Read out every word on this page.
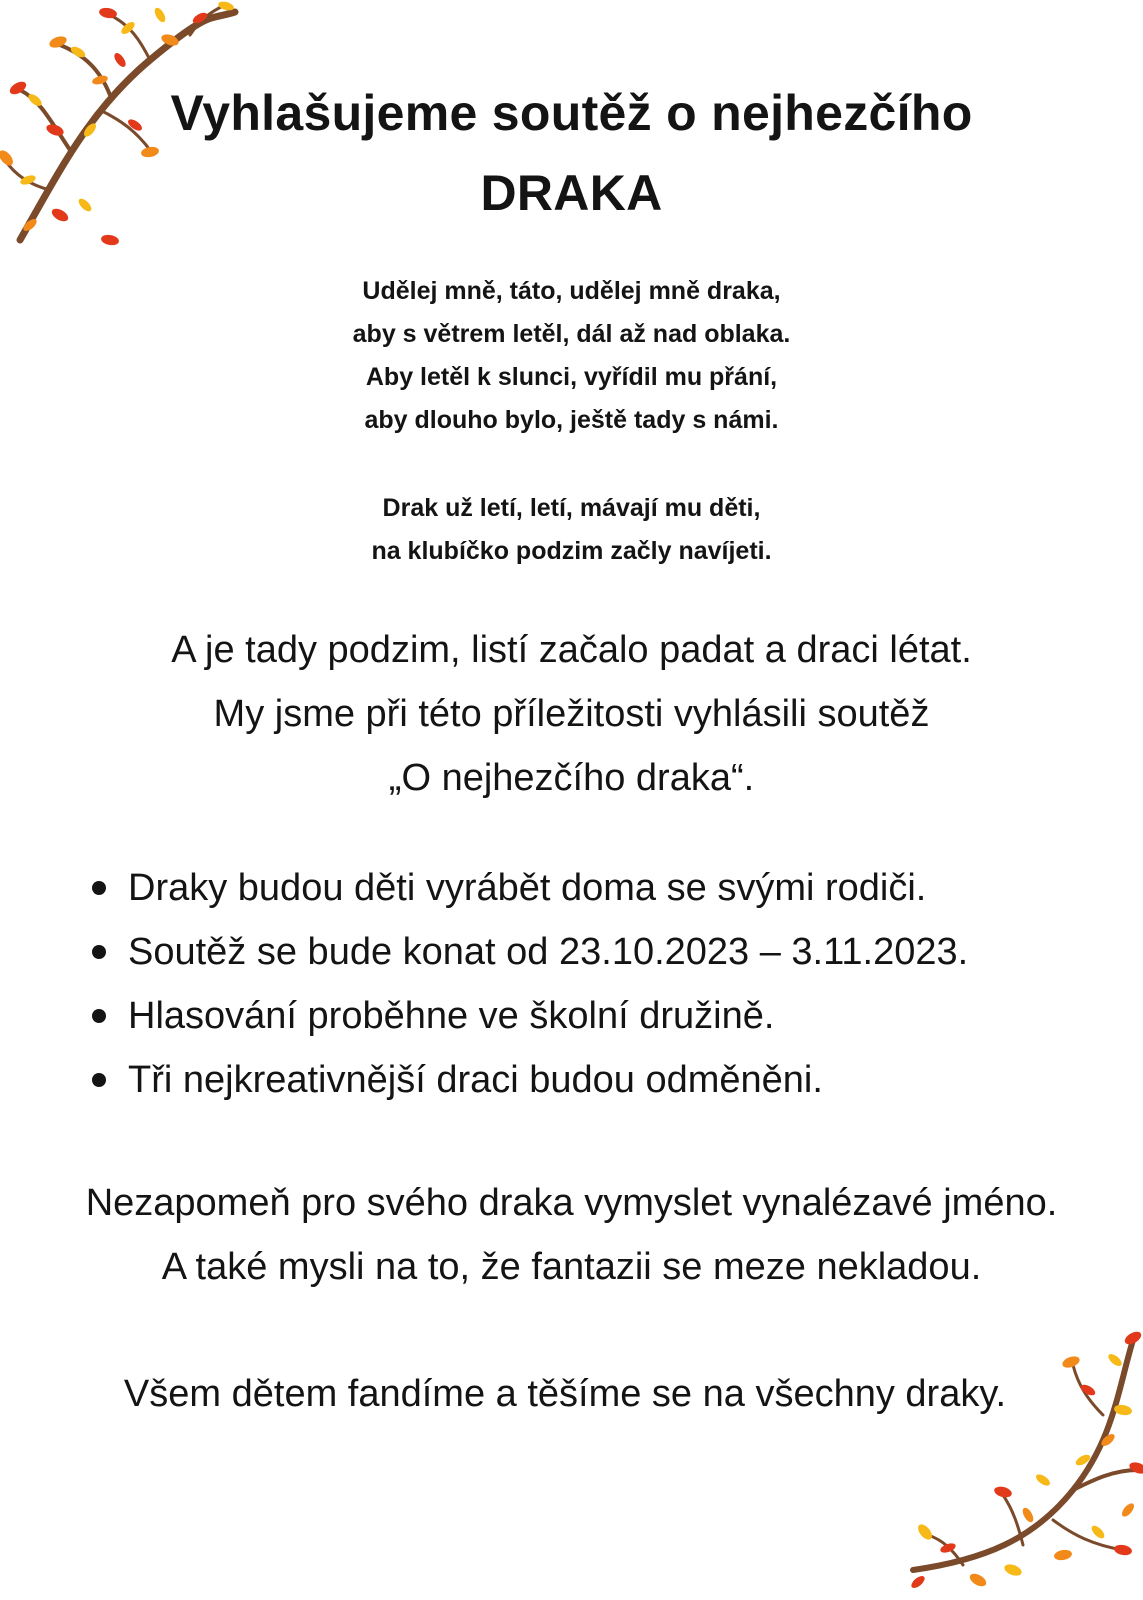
Vyhlašujeme soutěž o nejhezčího
DRAKA
Udělej mně, táto, udělej mně draka,
aby s větrem letěl, dál až nad oblaka.
Aby letěl k slunci, vyřídil mu přání,
aby dlouho bylo, ještě tady s námi.
Drak už letí, letí, mávají mu děti,
na klubíčko podzim začly navíjeti.
A je tady podzim, listí začalo padat a draci létat.
My jsme při této příležitosti vyhlásili soutěž
„O nejhezčího draka“.
Draky budou děti vyrábět doma se svými rodiči.
Soutěž se bude konat od 23.10.2023 – 3.11.2023.
Hlasování proběhne ve školní družině.
Tři nejkreativnější draci budou odměněni.
Nezapomeň pro svého draka vymyslet vynalézavé jméno.
A také mysli na to, že fantazii se meze nekladou.
Všem dětem fandíme a těšíme se na všechny draky.
